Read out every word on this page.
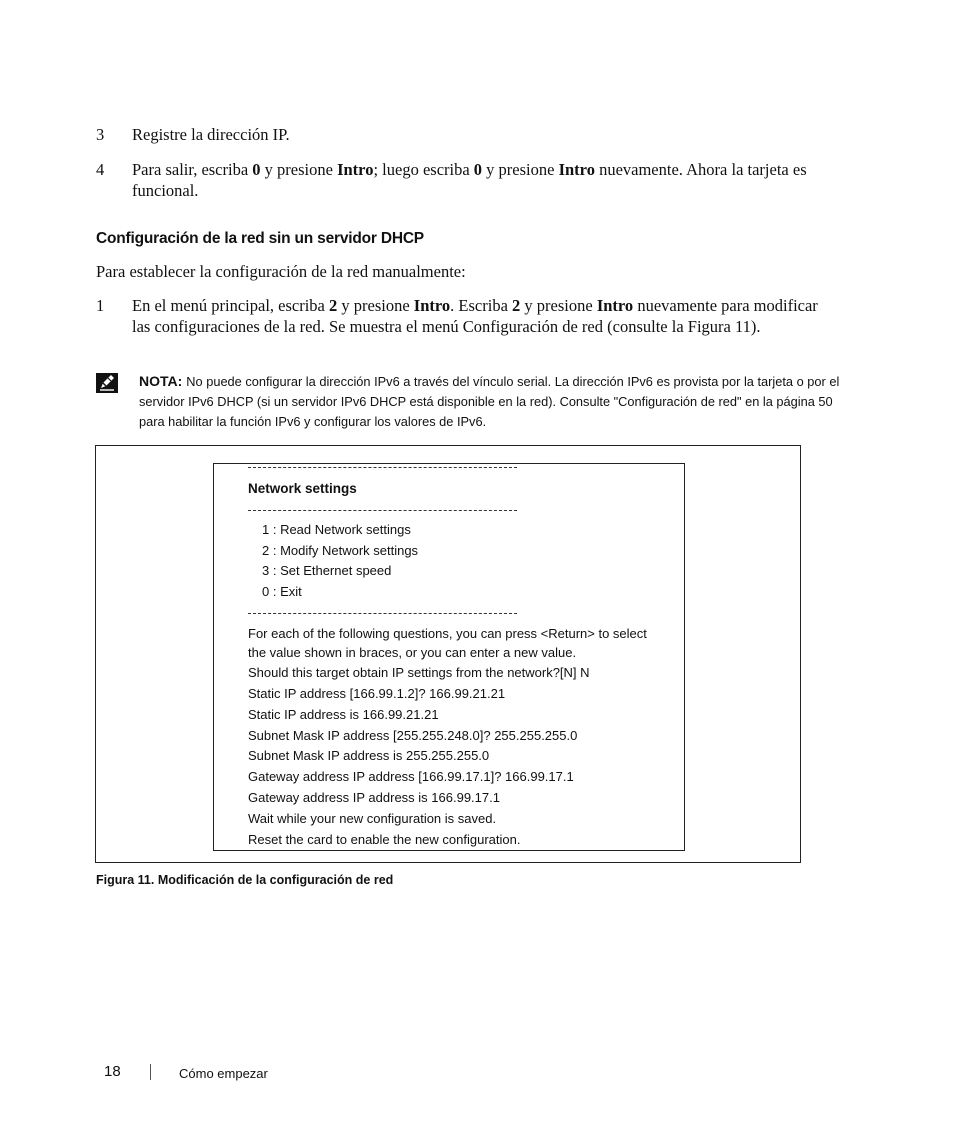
3 Registre la dirección IP.
4 Para salir, escriba 0 y presione Intro; luego escriba 0 y presione Intro nuevamente. Ahora la tarjeta es funcional.
Configuración de la red sin un servidor DHCP
Para establecer la configuración de la red manualmente:
1 En el menú principal, escriba 2 y presione Intro. Escriba 2 y presione Intro nuevamente para modificar las configuraciones de la red. Se muestra el menú Configuración de red (consulte la Figura 11).
NOTA: No puede configurar la dirección IPv6 a través del vínculo serial. La dirección IPv6 es provista por la tarjeta o por el servidor IPv6 DHCP (si un servidor IPv6 DHCP está disponible en la red). Consulte "Configuración de red" en la página 50 para habilitar la función IPv6 y configurar los valores de IPv6.
Network settings
1 : Read Network settings
2 : Modify Network settings
3 : Set Ethernet speed
0 : Exit
For each of the following questions, you can press <Return> to select
the value shown in braces, or you can enter a new value.
Should this target obtain IP settings from the network?[N] N
Static IP address [166.99.1.2]? 166.99.21.21
Static IP address is 166.99.21.21
Subnet Mask IP address [255.255.248.0]? 255.255.255.0
Subnet Mask IP address is 255.255.255.0
Gateway address IP address [166.99.17.1]? 166.99.17.1
Gateway address IP address is 166.99.17.1
Wait while your new configuration is saved.
Reset the card to enable the new configuration.
Figura 11. Modificación de la configuración de red
18	Cómo empezar
